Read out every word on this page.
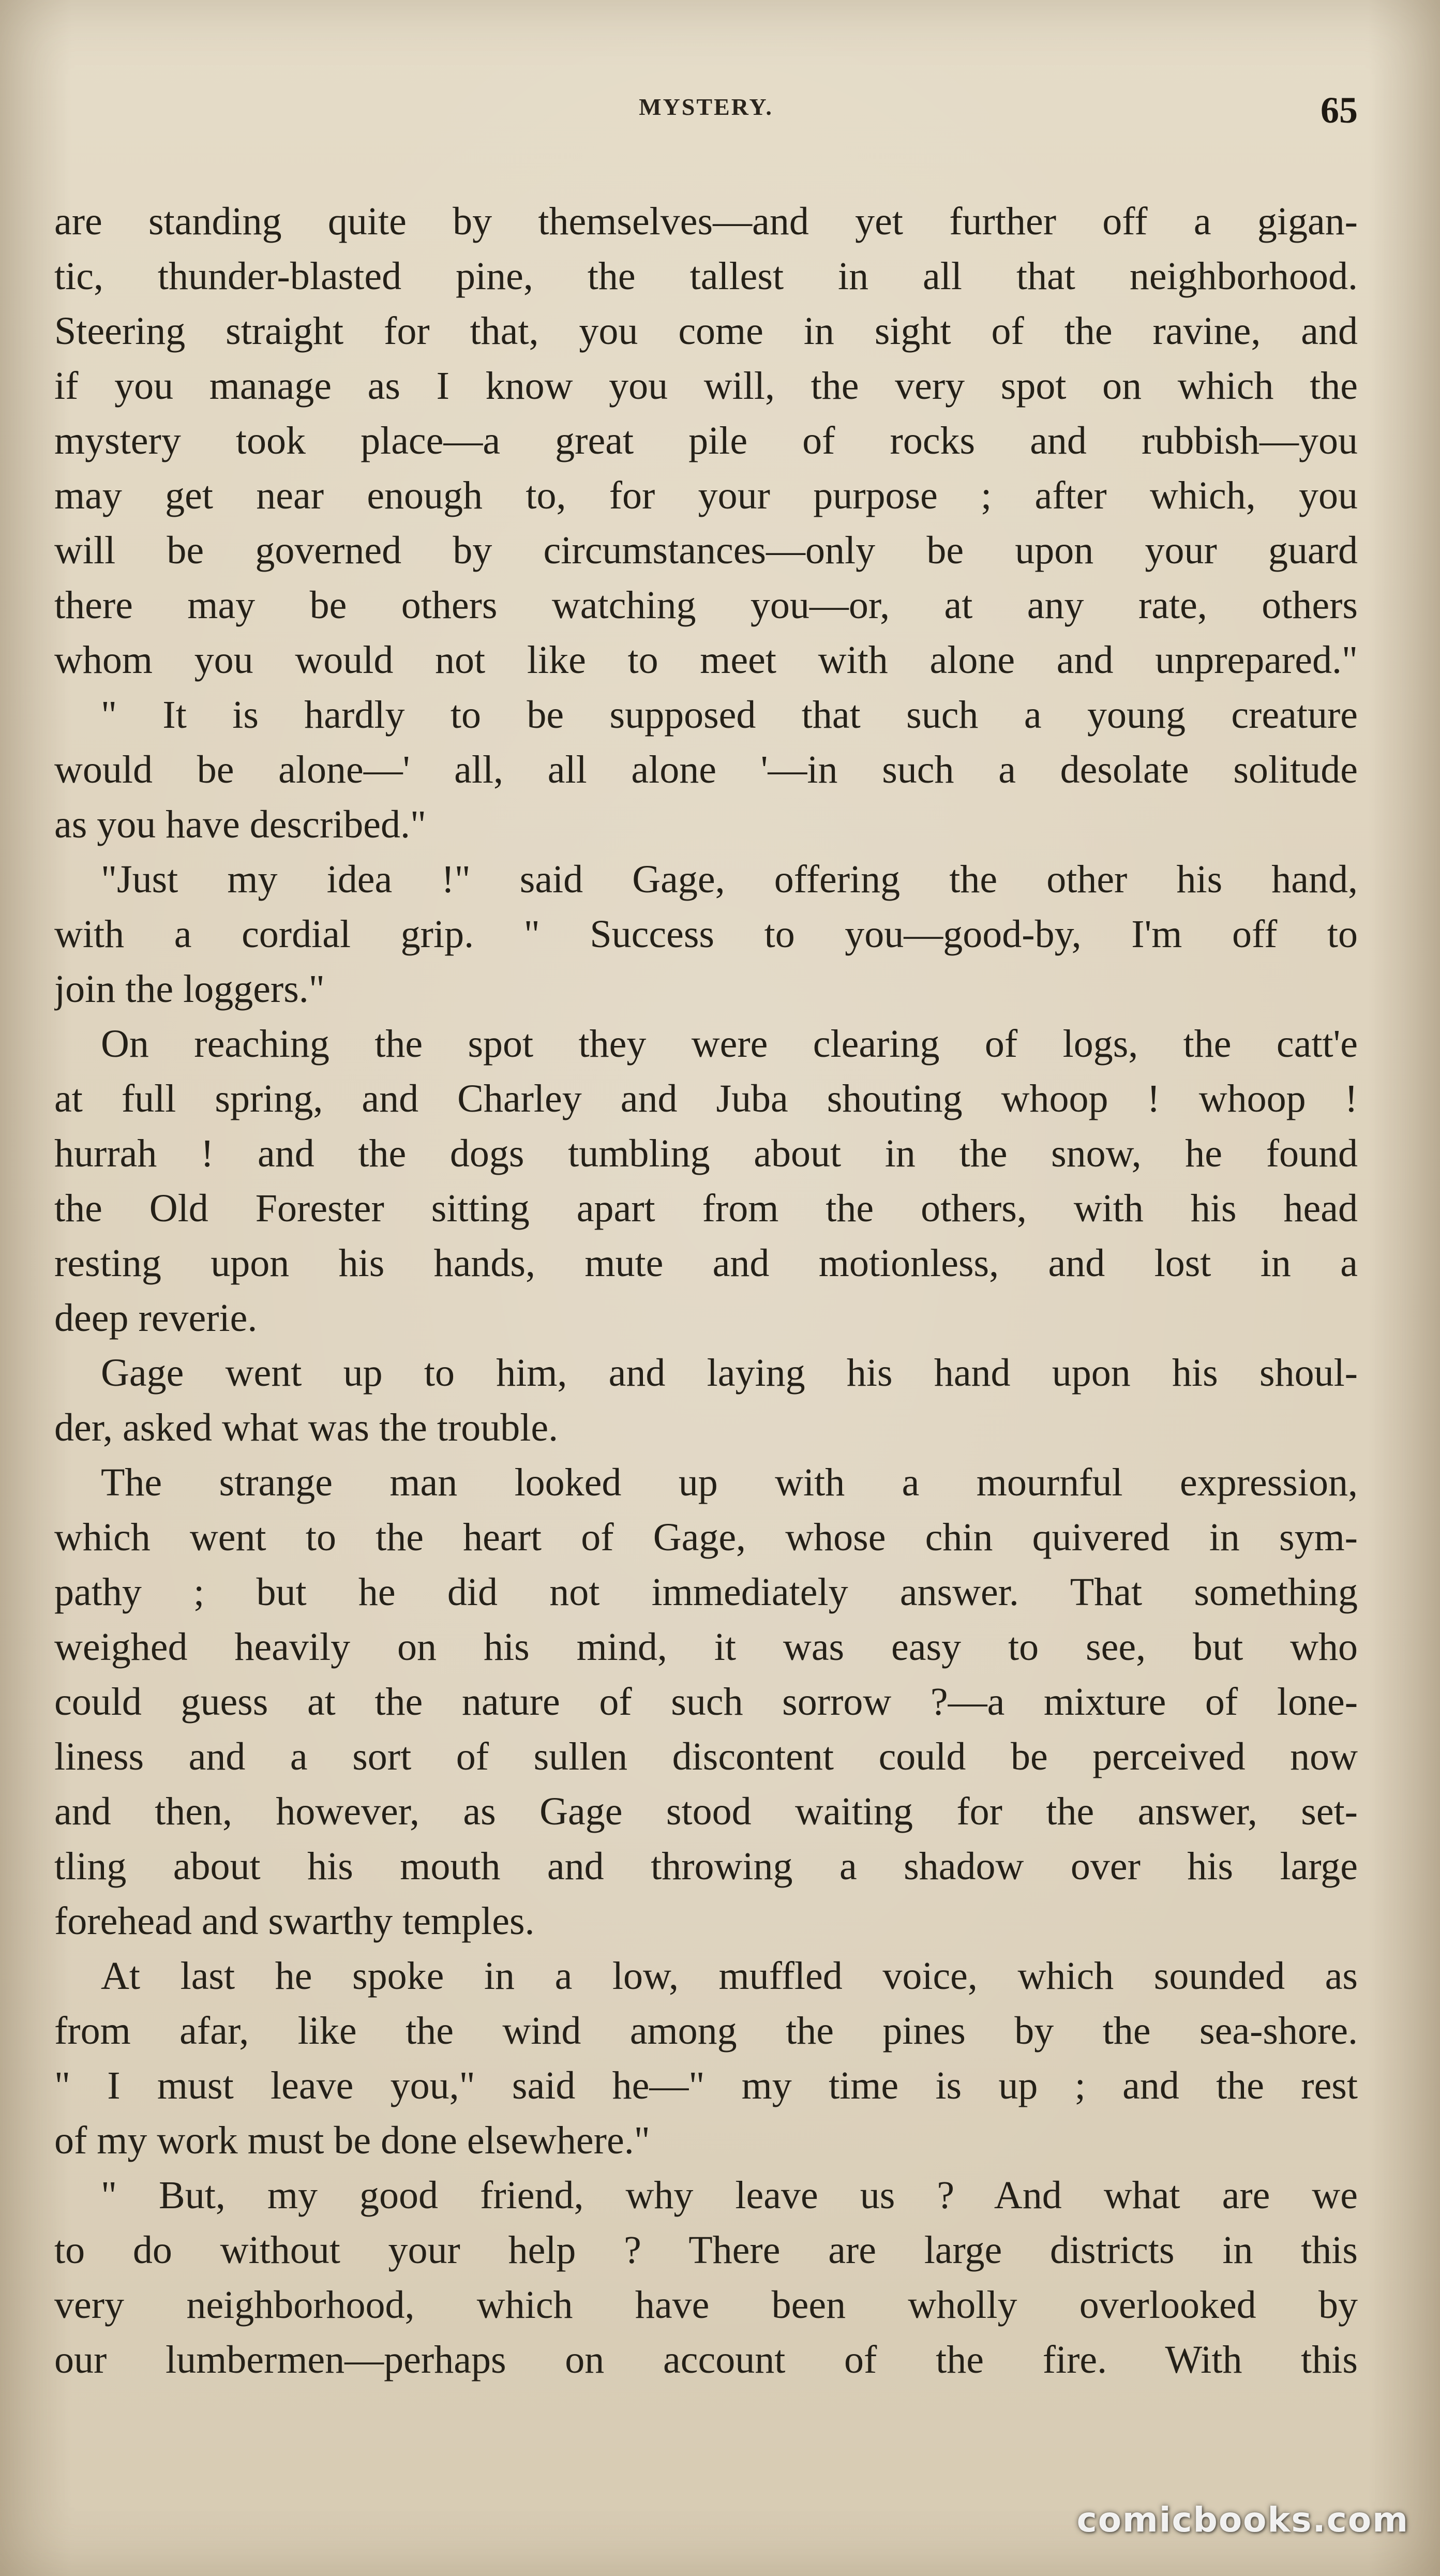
MYSTERY.	65
are standing quite by themselves—and yet further off a gigan-
tic, thunder-blasted pine, the tallest in all that neighborhood.
Steering straight for that, you come in sight of the ravine, and
if you manage as I know you will, the very spot on which the
mystery took place—a great pile of rocks and rubbish—you
may get near enough to, for your purpose ; after which, you
will be governed by circumstances—only be upon your guard
there may be others watching you—or, at any rate, others
whom you would not like to meet with alone and unprepared."
" It is hardly to be supposed that such a young creature
would be alone—' all, all alone '—in such a desolate solitude
as you have described."
"Just my idea !" said Gage, offering the other his hand,
with a cordial grip. " Success to you—good-by, I'm off to
join the loggers."
On reaching the spot they were clearing of logs, the catt'e
at full spring, and Charley and Juba shouting whoop ! whoop !
hurrah ! and the dogs tumbling about in the snow, he found
the Old Forester sitting apart from the others, with his head
resting upon his hands, mute and motionless, and lost in a
deep reverie.
Gage went up to him, and laying his hand upon his shoul-
der, asked what was the trouble.
The strange man looked up with a mournful expression,
which went to the heart of Gage, whose chin quivered in sym-
pathy ; but he did not immediately answer. That something
weighed heavily on his mind, it was easy to see, but who
could guess at the nature of such sorrow ?—a mixture of lone-
liness and a sort of sullen discontent could be perceived now
and then, however, as Gage stood waiting for the answer, set-
tling about his mouth and throwing a shadow over his large
forehead and swarthy temples.
At last he spoke in a low, muffled voice, which sounded as
from afar, like the wind among the pines by the sea-shore.
" I must leave you," said he—" my time is up ; and the rest
of my work must be done elsewhere."
" But, my good friend, why leave us ? And what are we
to do without your help ? There are large districts in this
very neighborhood, which have been wholly overlooked by
our lumbermen—perhaps on account of the fire. With this
comicbooks.com
